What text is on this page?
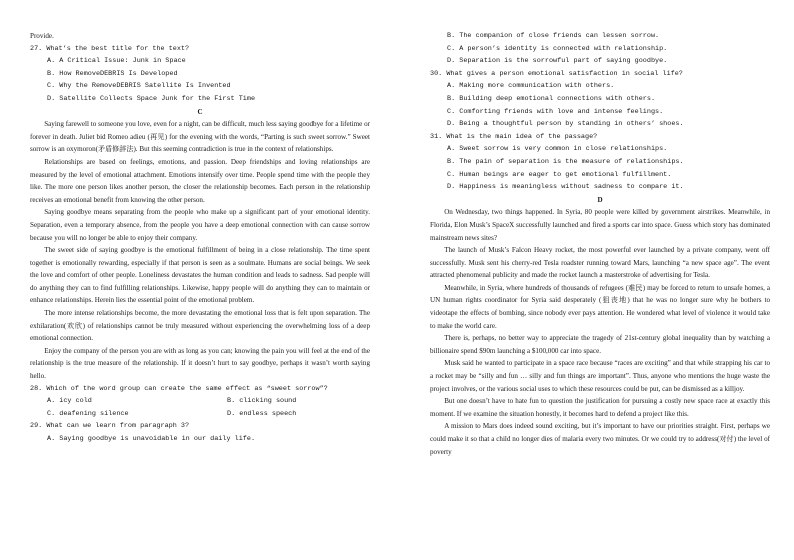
Provide.
27. What’s the best title for the text?
A. A Critical Issue: Junk in Space
B. How RemoveDEBRIS Is Developed
C. Why the RemoveDEBRIS Satellite Is Invented
D. Satellite Collects Space Junk for the First Time
C

Saying farewell to someone you love, even for a night, can be difficult, much less saying goodbye for a lifetime or forever in death. Juliet bid Romeo adieu (再见) for the evening with the words, “Parting is such sweet sorrow.” Sweet sorrow is an oxymoron(矛盾修辞法). But this seeming contradiction is true in the context of relationships.

Relationships are based on feelings, emotions, and passion. Deep friendships and loving relationships are measured by the level of emotional attachment. Emotions intensify over time. People spend time with the people they like. The more one person likes another person, the closer the relationship becomes. Each person in the relationship receives an emotional benefit from knowing the other person.

Saying goodbye means separating from the people who make up a significant part of your emotional identity. Separation, even a temporary absence, from the people you have a deep emotional connection with can cause sorrow because you will no longer be able to enjoy their company.

The sweet side of saying goodbye is the emotional fulfillment of being in a close relationship. The time spent together is emotionally rewarding, especially if that person is seen as a soulmate. Humans are social beings. We seek the love and comfort of other people. Loneliness devastates the human condition and leads to sadness. Sad people will do anything they can to find fulfilling relationships. Likewise, happy people will do anything they can to maintain or enhance relationships. Herein lies the essential point of the emotional problem.

The more intense relationships become, the more devastating the emotional loss that is felt upon separation. The exhilaration(欢欣) of relationships cannot be truly measured without experiencing the overwhelming loss of a deep emotional connection.

Enjoy the company of the person you are with as long as you can; knowing the pain you will feel at the end of the relationship is the true measure of the relationship. If it doesn’t hurt to say goodbye, perhaps it wasn’t worth saying hello.

28. Which of the word group can create the same effect as “sweet sorrow”?
A. icy cold	B. clicking sound
C. deafening silence	D. endless speech
29. What can we learn from paragraph 3?
A. Saying goodbye is unavoidable in our daily life.
B. The companion of close friends can lessen sorrow.
C. A person’s identity is connected with relationship.
D. Separation is the sorrowful part of saying goodbye.
30. What gives a person emotional satisfaction in social life?
A. Making more communication with others.
B. Building deep emotional connections with others.
C. Comforting friends with love and intense feelings.
D. Being a thoughtful person by standing in others’ shoes.
31. What is the main idea of the passage?
A. Sweet sorrow is very common in close relationships.
B. The pain of separation is the measure of relationships.
C. Human beings are eager to get emotional fulfillment.
D. Happiness is meaningless without sadness to compare it.
D

On Wednesday, two things happened. In Syria, 80 people were killed by government airstrikes. Meanwhile, in Florida, Elon Musk’s SpaceX successfully launched and fired a sports car into space. Guess which story has dominated mainstream news sites?

The launch of Musk’s Falcon Heavy rocket, the most powerful ever launched by a private company, went off successfully. Musk sent his cherry-red Tesla roadster running toward Mars, launching “a new space age”. The event attracted phenomenal publicity and made the rocket launch a masterstroke of advertising for Tesla.

Meanwhile, in Syria, where hundreds of thousands of refugees (难民) may be forced to return to unsafe homes, a UN human rights coordinator for Syria said desperately (狙丧地) that he was no longer sure why he bothers to videotape the effects of bombing, since nobody ever pays attention. He wondered what level of violence it would take to make the world care.

There is, perhaps, no better way to appreciate the tragedy of 21st-century global inequality than by watching a billionaire spend $90m launching a $100,000 car into space.

Musk said he wanted to participate in a space race because “races are exciting” and that while strapping his car to a rocket may be “silly and fun … silly and fun things are important”. Thus, anyone who mentions the huge waste the project involves, or the various social uses to which these resources could be put, can be dismissed as a killjoy.

But one doesn’t have to hate fun to question the justification for pursuing a costly new space race at exactly this moment. If we examine the situation honestly, it becomes hard to defend a project like this.

A mission to Mars does indeed sound exciting, but it’s important to have our priorities straight. First, perhaps we could make it so that a child no longer dies of malaria every two minutes. Or we could try to address(对付) the level of poverty
